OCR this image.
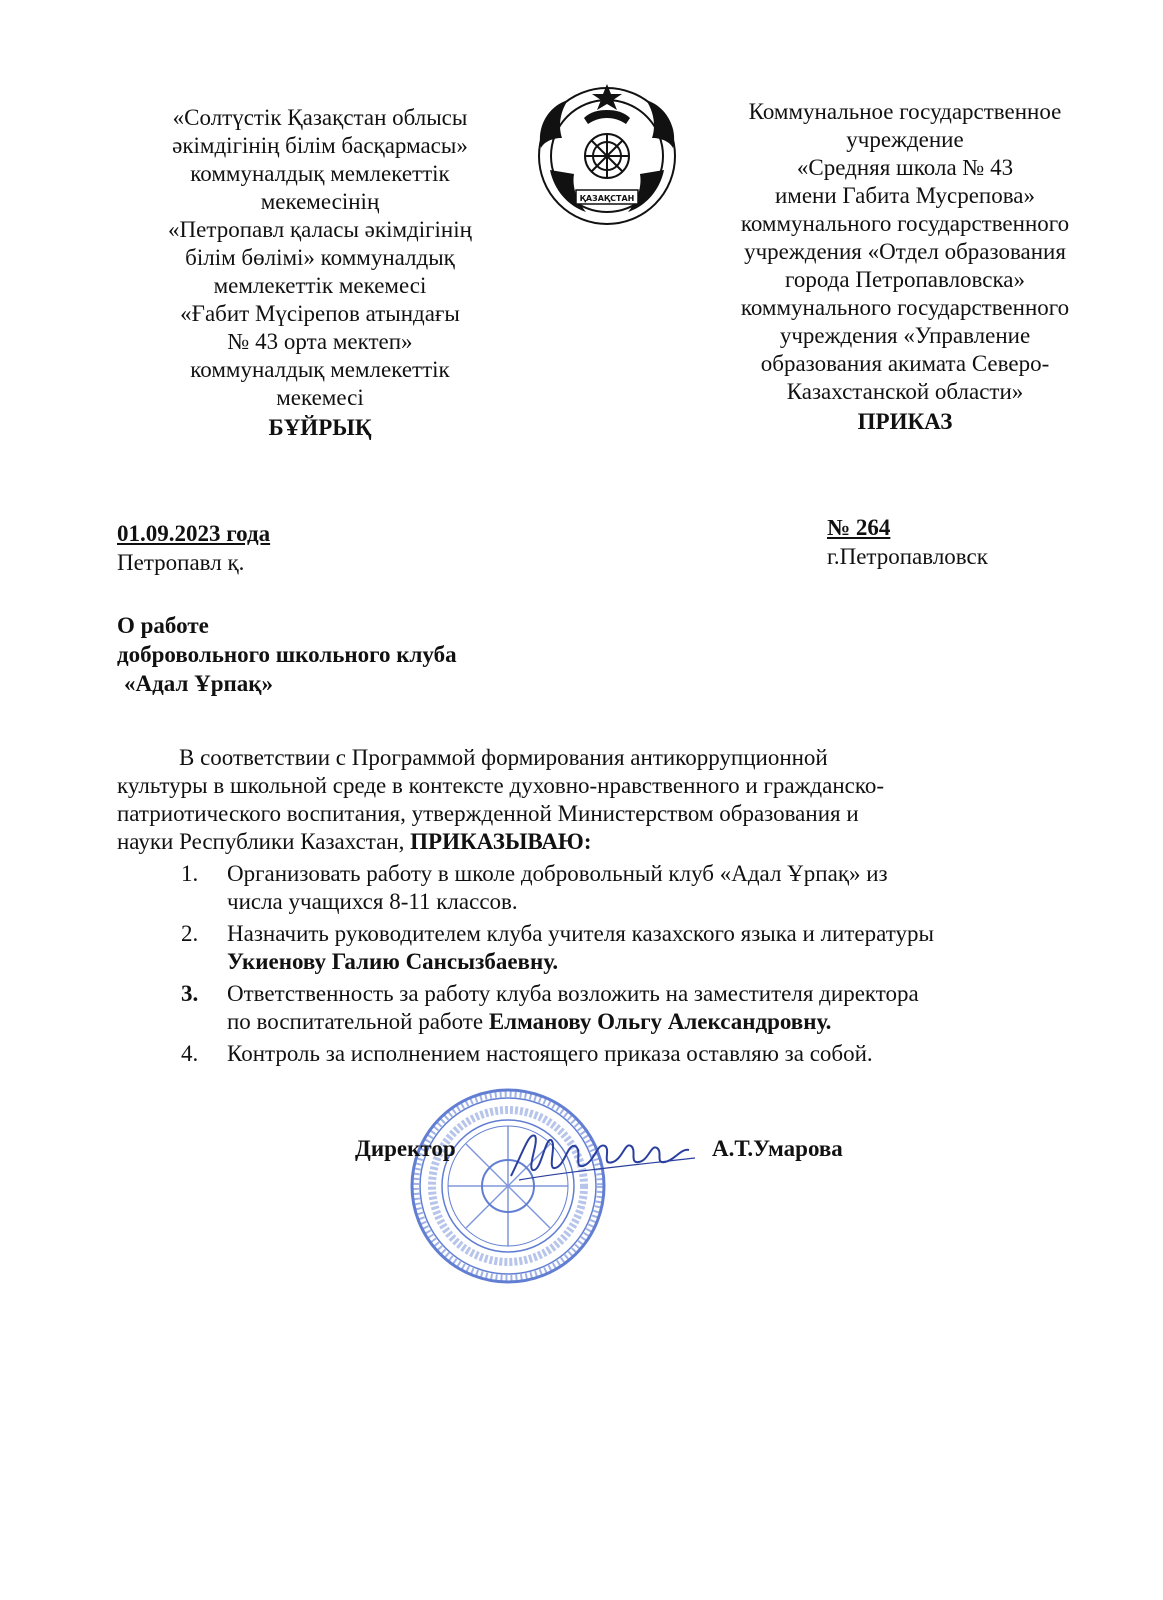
«Солтүстік Қазақстан облысы
әкімдігінің білім басқармасы»
коммуналдық мемлекеттік
мекемесінің
«Петропавл қаласы әкімдігінің
білім бөлімі» коммуналдық
мемлекеттік мекемесі
«Ғабит Мүсірепов атындағы
№ 43 орта мектеп»
коммуналдық мемлекеттік
мекемесі
БҰЙРЫҚ
ҚАЗАҚСТАН
Коммунальное государственное
учреждение
«Средняя школа № 43
имени Габита Мусрепова»
коммунального государственного
учреждения «Отдел образования
города Петропавловска»
коммунального государственного
учреждения «Управление
образования акимата Северо-
Казахстанской области»
ПРИКАЗ
01.09.2023 года
Петропавл қ.
№ 264
г.Петропавловск
О работе
добровольного школьного клуба
«Адал Ұрпақ»
В соответствии с Программой формирования антикоррупционной
культуры в школьной среде в контексте духовно-нравственного и гражданско-
патриотического воспитания, утвержденной Министерством образования и
науки Республики Казахстан, ПРИКАЗЫВАЮ:
1.	Организовать работу в школе добровольный клуб «Адал Ұрпақ» из
числа учащихся 8-11 классов.
2.	Назначить руководителем клуба учителя казахского языка и литературы
Укиенову Галию Сансызбаевну.
3.	Ответственность за работу клуба возложить на заместителя директора
по воспитательной работе Елманову Ольгу Александровну.
4.	Контроль за исполнением настоящего приказа оставляю за собой.
Директор	А.Т.Умарова
